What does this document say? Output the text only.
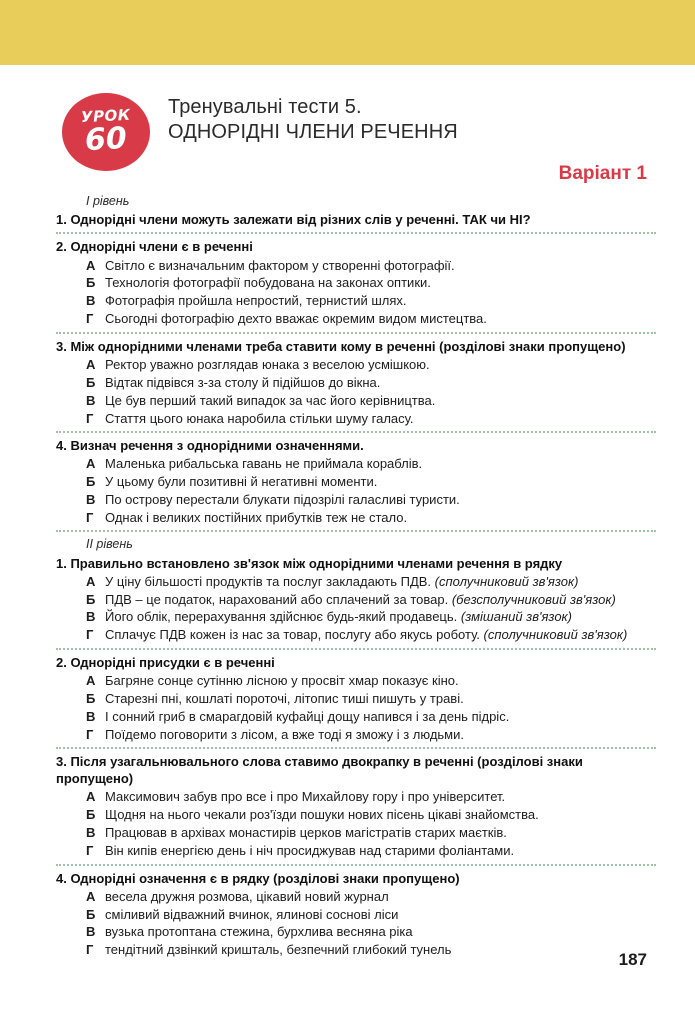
УРОК
60
Тренувальні тести 5.
ОДНОРІДНІ ЧЛЕНИ РЕЧЕННЯ
Варіант 1
I рівень
1. Однорідні члени можуть залежати від різних слів у реченні. ТАК чи НІ?
2. Однорідні члени є в реченні
А Світло є визначальним фактором у створенні фотографії.
Б Технологія фотографії побудована на законах оптики.
В Фотографія пройшла непростий, тернистий шлях.
Г Сьогодні фотографію дехто вважає окремим видом мистецтва.
3. Між однорідними членами треба ставити кому в реченні (розділові знаки пропущено)
А Ректор уважно розглядав юнака з веселою усмішкою.
Б Відтак підвівся з-за столу й підійшов до вікна.
В Це був перший такий випадок за час його керівництва.
Г Стаття цього юнака наробила стільки шуму галасу.
4. Визнач речення з однорідними означеннями.
А Маленька рибальська гавань не приймала кораблів.
Б У цьому були позитивні й негативні моменти.
В По острову перестали блукати підозрілі галасливі туристи.
Г Однак і великих постійних прибутків теж не стало.
II рівень
1. Правильно встановлено зв'язок між однорідними членами речення в рядку
А У ціну більшості продуктів та послуг закладають ПДВ. (сполучниковий зв'язок)
Б ПДВ – це податок, нарахований або сплачений за товар. (безсполучниковий зв'язок)
В Його облік, перерахування здійснює будь-який продавець. (змішаний зв'язок)
Г Сплачує ПДВ кожен із нас за товар, послугу або якусь роботу. (сполучниковий зв'язок)
2. Однорідні присудки є в реченні
А Багряне сонце сутінню лісною у просвіт хмар показує кіно.
Б Старезні пні, кошлаті пороточі, літопис тиші пишуть у траві.
В І сонний гриб в смарагдовій куфайці дощу напився і за день підріс.
Г Поїдемо поговорити з лісом, а вже тоді я зможу і з людьми.
3. Після узагальнювального слова ставимо двокрапку в реченні (розділові знаки пропущено)
А Максимович забув про все і про Михайлову гору і про університет.
Б Щодня на нього чекали роз'їзди пошуки нових пісень цікаві знайомства.
В Працював в архівах монастирів церков магістратів старих маєтків.
Г Він кипів енергією день і ніч просиджував над старими фоліантами.
4. Однорідні означення є в рядку (розділові знаки пропущено)
А весела дружня розмова, цікавий новий журнал
Б сміливий відважний вчинок, ялинові соснові ліси
В вузька протоптана стежина, бурхлива весняна ріка
Г тендітний дзвінкий кришталь, безпечний глибокий тунель
187
